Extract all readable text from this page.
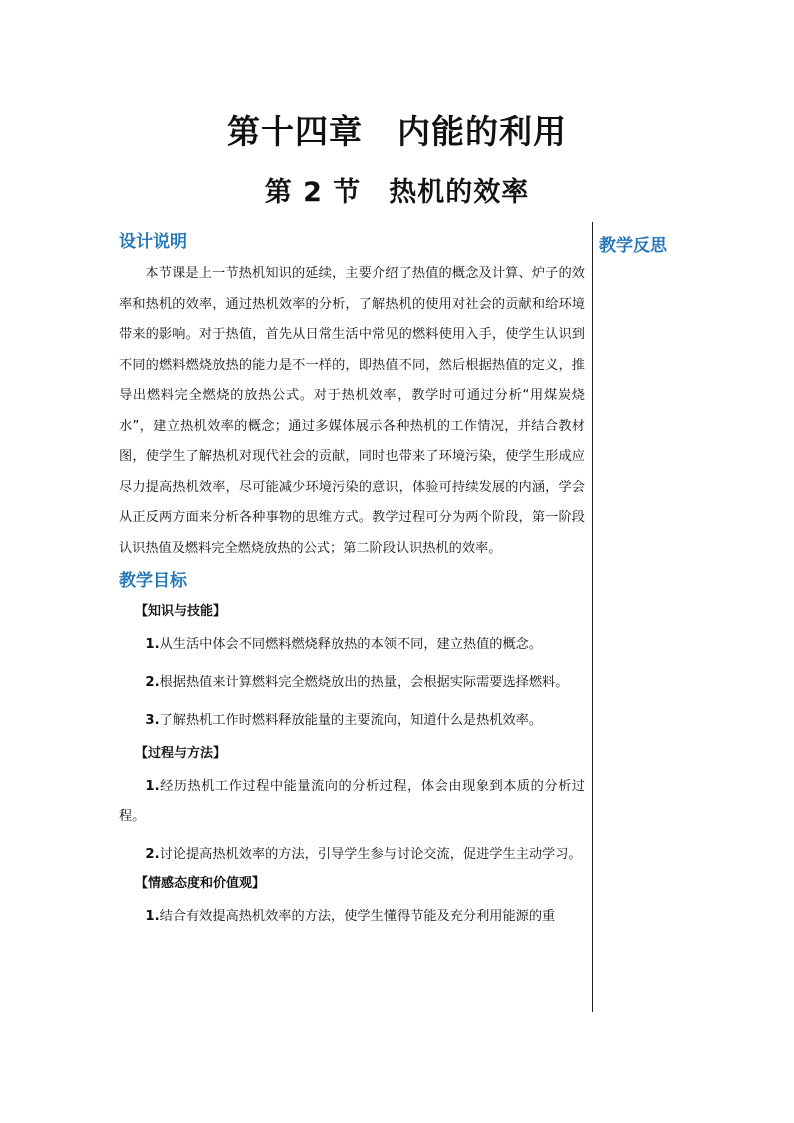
第十四章　内能的利用
第 2 节　热机的效率
教学反思
设计说明

本节课是上一节热机知识的延续，主要介绍了热值的概念及计算、炉子的效率和热机的效率，通过热机效率的分析，了解热机的使用对社会的贡献和给环境带来的影响。对于热值，首先从日常生活中常见的燃料使用入手，使学生认识到不同的燃料燃烧放热的能力是不一样的，即热值不同，然后根据热值的定义，推导出燃料完全燃烧的放热公式。对于热机效率，教学时可通过分析“用煤炭烧水”，建立热机效率的概念；通过多媒体展示各种热机的工作情况，并结合教材图，使学生了解热机对现代社会的贡献，同时也带来了环境污染，使学生形成应尽力提高热机效率，尽可能减少环境污染的意识，体验可持续发展的内涵，学会从正反两方面来分析各种事物的思维方式。教学过程可分为两个阶段，第一阶段认识热值及燃料完全燃烧放热的公式；第二阶段认识热机的效率。

教学目标

【知识与技能】

1.从生活中体会不同燃料燃烧释放热的本领不同，建立热值的概念。

2.根据热值来计算燃料完全燃烧放出的热量，会根据实际需要选择燃料。

3.了解热机工作时燃料释放能量的主要流向，知道什么是热机效率。

【过程与方法】

1.经历热机工作过程中能量流向的分析过程，体会由现象到本质的分析过程。

2.讨论提高热机效率的方法，引导学生参与讨论交流，促进学生主动学习。

【情感态度和价值观】

1.结合有效提高热机效率的方法，使学生懂得节能及充分利用能源的重
